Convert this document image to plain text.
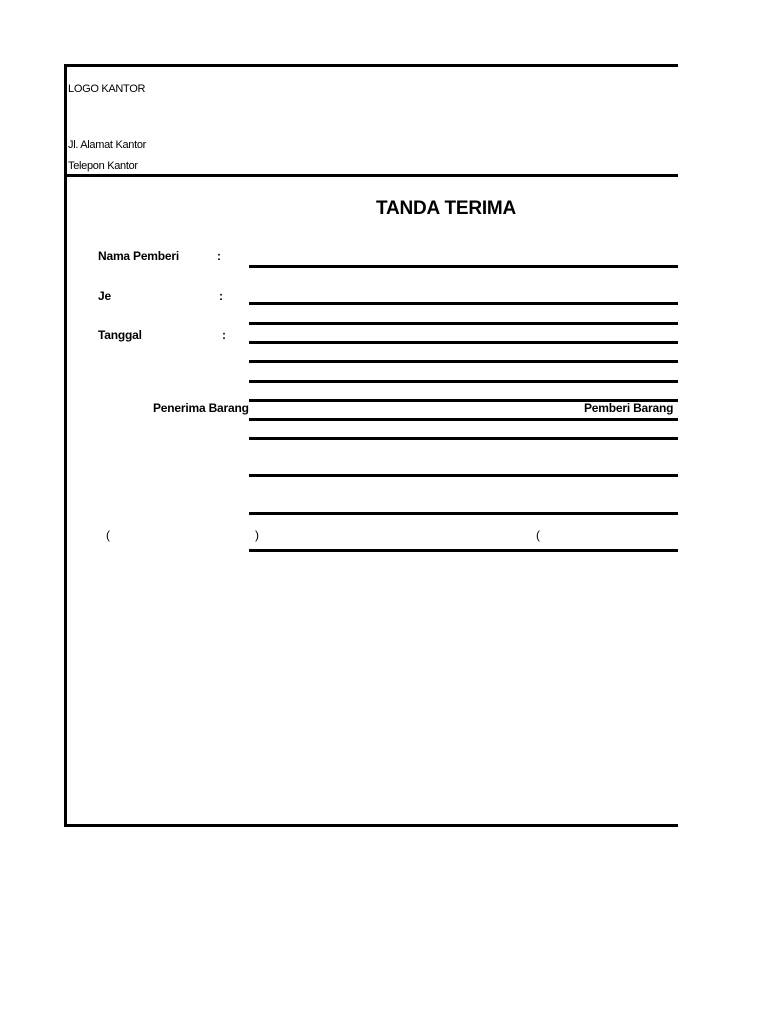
LOGO KANTOR
Jl. Alamat Kantor
Telepon Kantor
TANDA TERIMA
Nama Pemberi	:
Je	:
Tanggal	:
Penerima Barang	Pemberi Barang
(	)	(
